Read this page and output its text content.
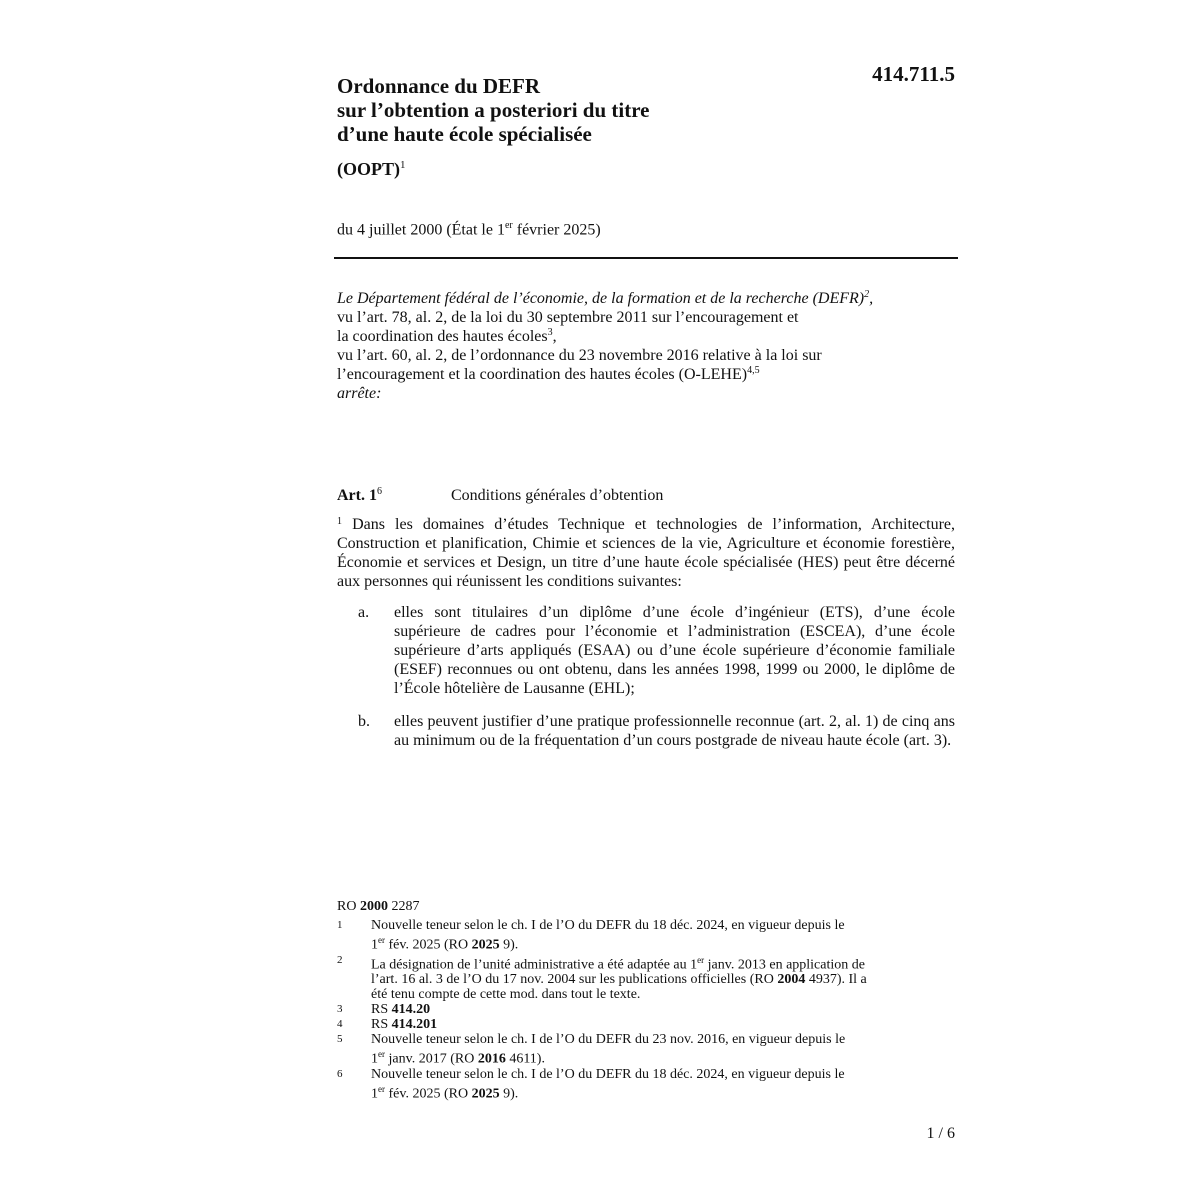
414.711.5
Ordonnance du DEFR
sur l’obtention a posteriori du titre
d’une haute école spécialisée
(OOPT)$^1$
du 4 juillet 2000 (État le 1er février 2025)
Le Département fédéral de l’économie, de la formation et de la recherche (DEFR)$^2$,
vu l’art. 78, al. 2, de la loi du 30 septembre 2011 sur l’encouragement et
la coordination des hautes écoles$^3$,
vu l’art. 60, al. 2, de l’ordonnance du 23 novembre 2016 relative à la loi sur
l’encouragement et la coordination des hautes écoles (O-LEHE)$^{4,5}$
arrête:
Art. 1$^6$	Conditions générales d’obtention
$^1$ Dans les domaines d’études Technique et technologies de l’information, Architecture, Construction et planification, Chimie et sciences de la vie, Agriculture et économie forestière, Économie et services et Design, un titre d’une haute école spécialisée (HES) peut être décerné aux personnes qui réunissent les conditions suivantes:
a. elles sont titulaires d’un diplôme d’une école d’ingénieur (ETS), d’une école supérieure de cadres pour l’économie et l’administration (ESCEA), d’une école supérieure d’arts appliqués (ESAA) ou d’une école supérieure d’économie familiale (ESEF) reconnues ou ont obtenu, dans les années 1998, 1999 ou 2000, le diplôme de l’École hôtelière de Lausanne (EHL);
b. elles peuvent justifier d’une pratique professionnelle reconnue (art. 2, al. 1) de cinq ans au minimum ou de la fréquentation d’un cours postgrade de niveau haute école (art. 3).
RO 2000 2287
1 Nouvelle teneur selon le ch. I de l’O du DEFR du 18 déc. 2024, en vigueur depuis le
1er fév. 2025 (RO 2025 9).
2 La désignation de l’unité administrative a été adaptée au 1er janv. 2013 en application de
l’art. 16 al. 3 de l’O du 17 nov. 2004 sur les publications officielles (RO 2004 4937). Il a
été tenu compte de cette mod. dans tout le texte.
3 RS 414.20
4 RS 414.201
5 Nouvelle teneur selon le ch. I de l’O du DEFR du 23 nov. 2016, en vigueur depuis le
1er janv. 2017 (RO 2016 4611).
6 Nouvelle teneur selon le ch. I de l’O du DEFR du 18 déc. 2024, en vigueur depuis le
1er fév. 2025 (RO 2025 9).
1 / 6
